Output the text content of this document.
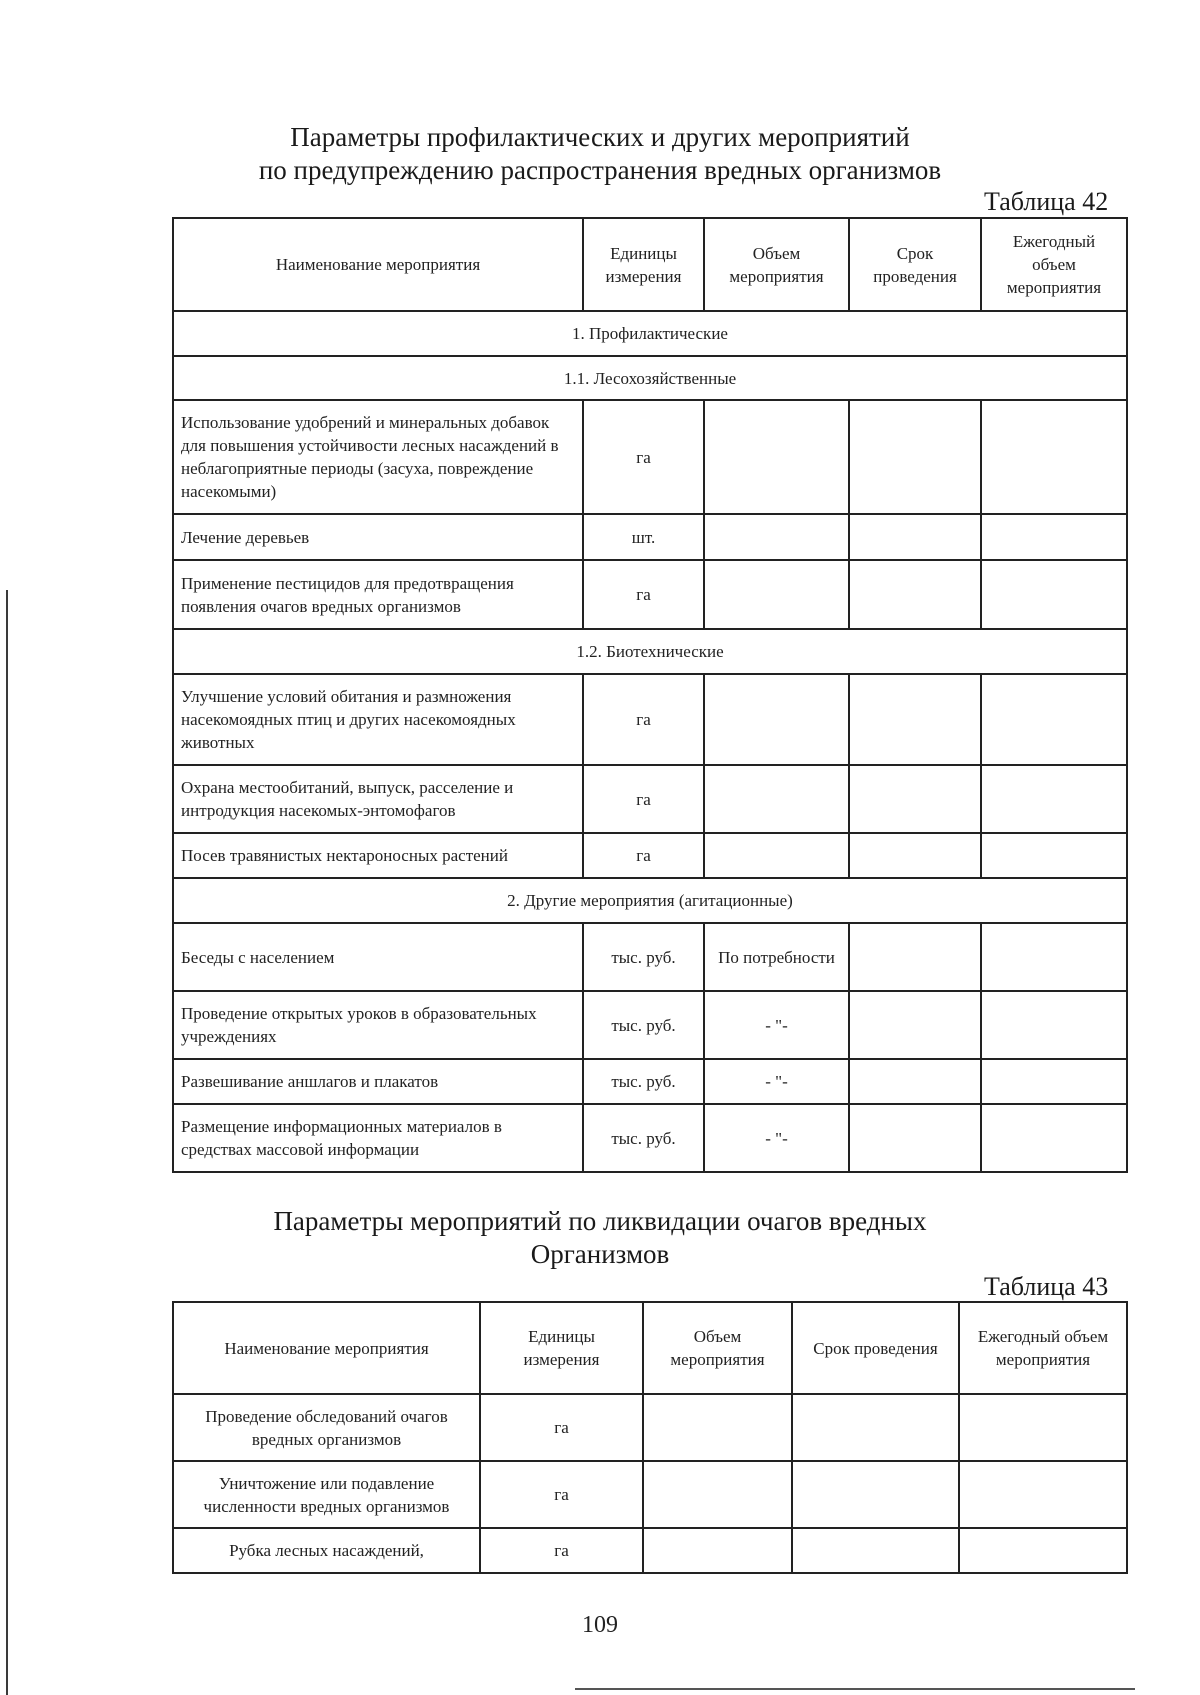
Параметры профилактических и других мероприятий
по предупреждению распространения вредных организмов
Таблица 42
Наименование мероприятия	Единицы измерения	Объем мероприятия	Срок проведения	Ежегодный объем мероприятия
1. Профилактические				
1.1. Лесохозяйственные				
Использование удобрений и минеральных добавок для повышения устойчивости лесных насаждений в неблагоприятные периоды (засуха, повреждение насекомыми)	га			
Лечение деревьев	шт.			
Применение пестицидов для предотвращения появления очагов вредных организмов	га			
1.2. Биотехнические				
Улучшение условий обитания и размножения насекомоядных птиц и других насекомоядных животных	га			
Охрана местообитаний, выпуск, расселение и интродукция насекомых-энтомофагов	га			
Посев травянистых нектароносных растений	га			
2. Другие мероприятия (агитационные)				
Беседы с населением	тыс. руб.	По потребности		
Проведение открытых уроков в образовательных учреждениях	тыс. руб.	- "-		
Развешивание аншлагов и плакатов	тыс. руб.	- "-		
Размещение информационных материалов в средствах массовой информации	тыс. руб.	- "-		
Параметры мероприятий по ликвидации очагов вредных
Организмов
Таблица 43
Наименование мероприятия	Единицы измерения	Объем мероприятия	Срок проведения	Ежегодный объем мероприятия
Проведение обследований очагов вредных организмов	га			
Уничтожение или подавление численности вредных организмов	га			
Рубка лесных насаждений,	га			
109
